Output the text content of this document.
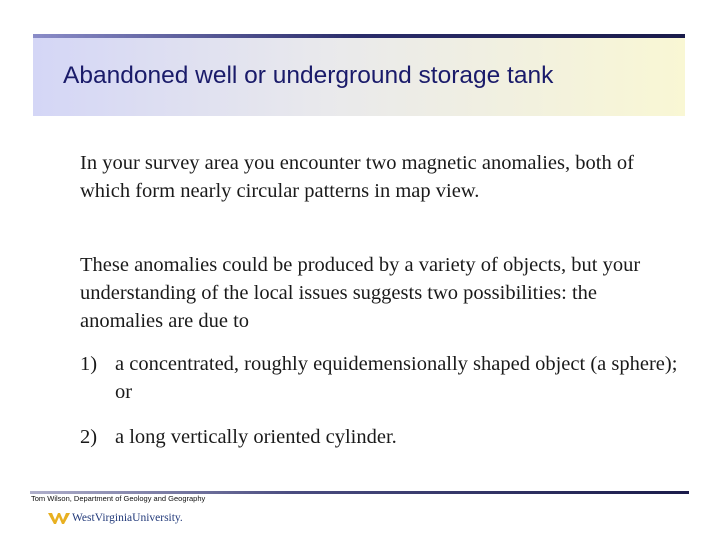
Abandoned well or underground storage tank

In your survey area you encounter two magnetic anomalies, both of which form nearly circular patterns in map view.

These anomalies could be produced by a variety of objects, but your understanding of the local issues suggests two possibilities: the anomalies are due to

1) a concentrated, roughly equidemensionally shaped object (a sphere); or
2) a long vertically oriented cylinder.
Tom Wilson, Department of Geology and Geography
WestVirginiaUniversity.
